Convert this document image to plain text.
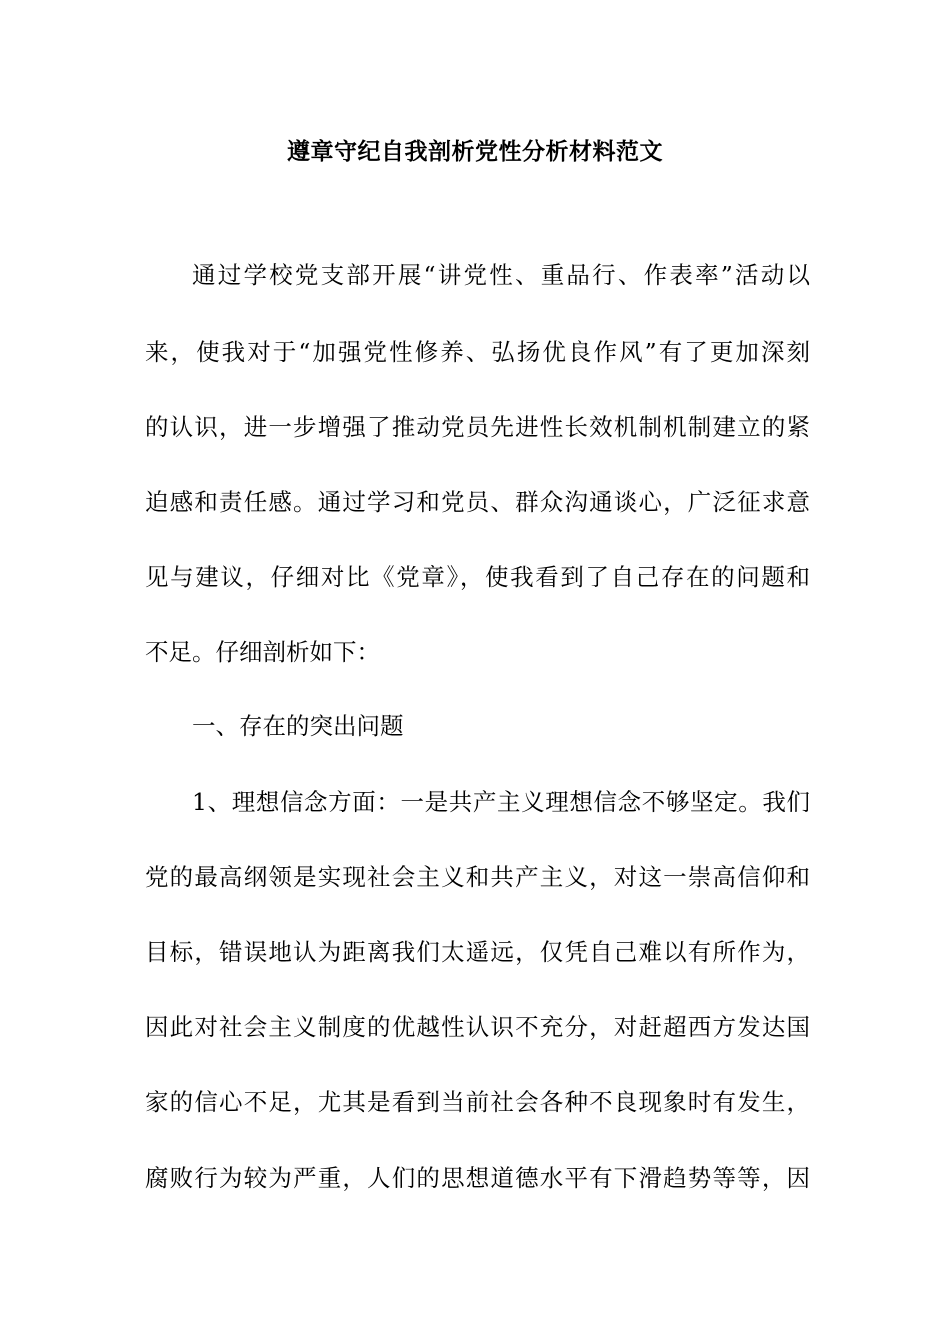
遵章守纪自我剖析党性分析材料范文
通过学校党支部开展“讲党性、重品行、作表率”活动以
来，使我对于“加强党性修养、弘扬优良作风”有了更加深刻
的认识，进一步增强了推动党员先进性长效机制机制建立的紧
迫感和责任感。通过学习和党员、群众沟通谈心，广泛征求意
见与建议，仔细对比《党章》，使我看到了自己存在的问题和
不足。仔细剖析如下：
一、存在的突出问题
1、理想信念方面：一是共产主义理想信念不够坚定。我们
党的最高纲领是实现社会主义和共产主义，对这一崇高信仰和
目标，错误地认为距离我们太遥远，仅凭自己难以有所作为，
因此对社会主义制度的优越性认识不充分，对赶超西方发达国
家的信心不足，尤其是看到当前社会各种不良现象时有发生，
腐败行为较为严重，人们的思想道德水平有下滑趋势等等，因
